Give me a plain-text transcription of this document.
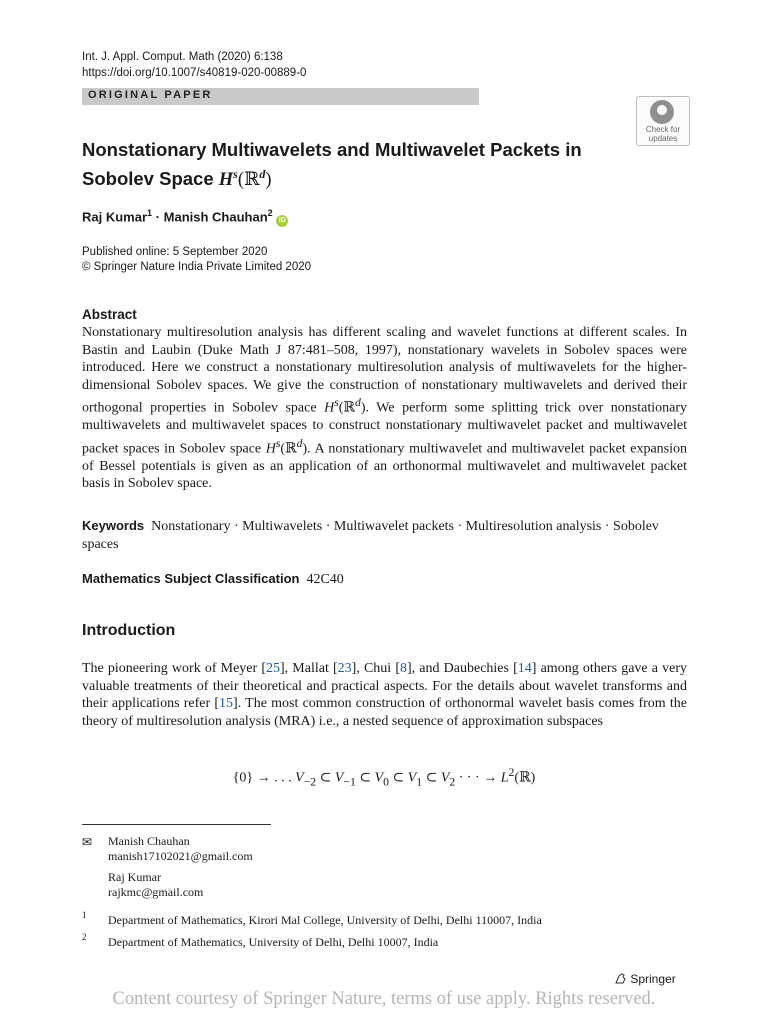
Int. J. Appl. Comput. Math (2020) 6:138
https://doi.org/10.1007/s40819-020-00889-0
ORIGINAL PAPER
Check for
updates
Nonstationary Multiwavelets and Multiwavelet Packets in
Sobolev Space $H^s(ℝ^d)$
Raj Kumar$^1$ · Manish Chauhan$^2$ iD
Published online: 5 September 2020
© Springer Nature India Private Limited 2020
Abstract
Nonstationary multiresolution analysis has different scaling and wavelet functions at different scales. In Bastin and Laubin (Duke Math J 87:481–508, 1997), nonstationary wavelets in Sobolev spaces were introduced. Here we construct a nonstationary multiresolution analysis of multiwavelets for the higher-dimensional Sobolev spaces. We give the construction of nonstationary multiwavelets and derived their orthogonal properties in Sobolev space $H^s(ℝ^d)$. We perform some splitting trick over nonstationary multiwavelets and multiwavelet spaces to construct nonstationary multiwavelet packet and multiwavelet packet spaces in Sobolev space $H^s(ℝ^d)$. A nonstationary multiwavelet and multiwavelet packet expansion of Bessel potentials is given as an application of an orthonormal multiwavelet and multiwavelet packet basis in Sobolev space.
Keywords Nonstationary · Multiwavelets · Multiwavelet packets · Multiresolution analysis · Sobolev spaces
Mathematics Subject Classification 42C40
Introduction
The pioneering work of Meyer [25], Mallat [23], Chui [8], and Daubechies [14] among others gave a very valuable treatments of their theoretical and practical aspects. For the details about wavelet transforms and their applications refer [15]. The most common construction of orthonormal wavelet basis comes from the theory of multiresolution analysis (MRA) i.e., a nested sequence of approximation subspaces
{0} → . . . $V_{-2}$ ⊂ $V_{-1}$ ⊂ $V_0$ ⊂ $V_1$ ⊂ $V_2$ · · · → $L^2(ℝ)$
✉ Manish Chauhan
manish17102021@gmail.com
Raj Kumar
rajkmc@gmail.com
1 Department of Mathematics, Kirori Mal College, University of Delhi, Delhi 110007, India
2 Department of Mathematics, University of Delhi, Delhi 10007, India
Springer
Content courtesy of Springer Nature, terms of use apply. Rights reserved.
